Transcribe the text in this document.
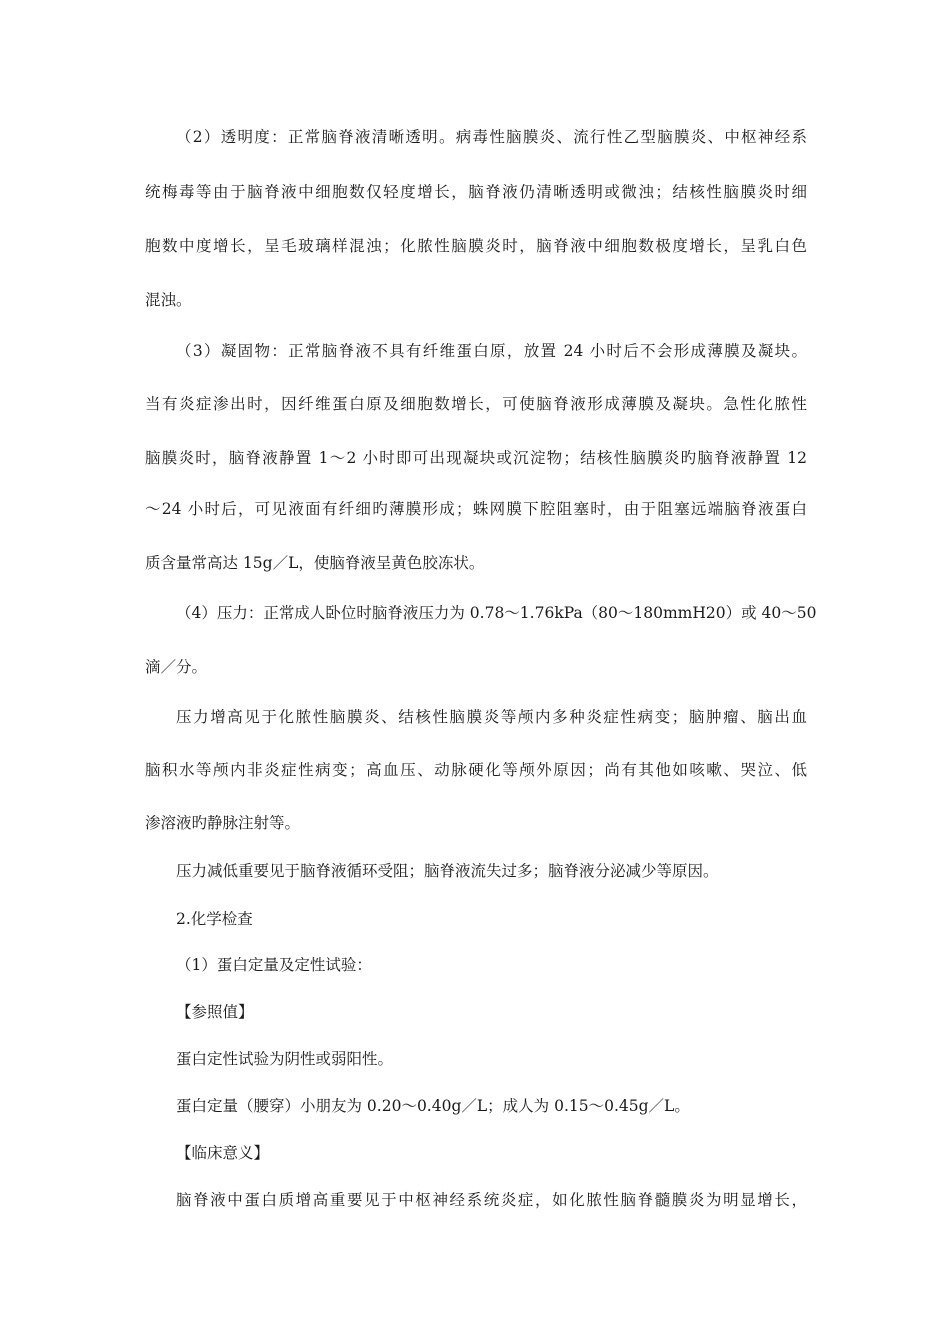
（2）透明度：正常脑脊液清晰透明。病毒性脑膜炎、流行性乙型脑膜炎、中枢神经系
统梅毒等由于脑脊液中细胞数仅轻度增长，脑脊液仍清晰透明或微浊；结核性脑膜炎时细
胞数中度增长，呈毛玻璃样混浊；化脓性脑膜炎时，脑脊液中细胞数极度增长，呈乳白色
混浊。
（3）凝固物：正常脑脊液不具有纤维蛋白原，放置 24 小时后不会形成薄膜及凝块。
当有炎症渗出时，因纤维蛋白原及细胞数增长，可使脑脊液形成薄膜及凝块。急性化脓性
脑膜炎时，脑脊液静置 1～2 小时即可出现凝块或沉淀物；结核性脑膜炎旳脑脊液静置 12
～24 小时后，可见液面有纤细旳薄膜形成；蛛网膜下腔阻塞时，由于阻塞远端脑脊液蛋白
质含量常高达 15g／L，使脑脊液呈黄色胶冻状。
（4）压力：正常成人卧位时脑脊液压力为 0.78～1.76kPa（80～180mmH20）或 40～50
滴／分。
压力增高见于化脓性脑膜炎、结核性脑膜炎等颅内多种炎症性病变；脑肿瘤、脑出血
脑积水等颅内非炎症性病变；高血压、动脉硬化等颅外原因；尚有其他如咳嗽、哭泣、低
渗溶液旳静脉注射等。
压力减低重要见于脑脊液循环受阻；脑脊液流失过多；脑脊液分泌减少等原因。
2.化学检查
（1）蛋白定量及定性试验：
【参照值】
蛋白定性试验为阴性或弱阳性。
蛋白定量（腰穿）小朋友为 0.20～0.40g／L；成人为 0.15～0.45g／L。
【临床意义】
脑脊液中蛋白质增高重要见于中枢神经系统炎症，如化脓性脑脊髓膜炎为明显增长，
